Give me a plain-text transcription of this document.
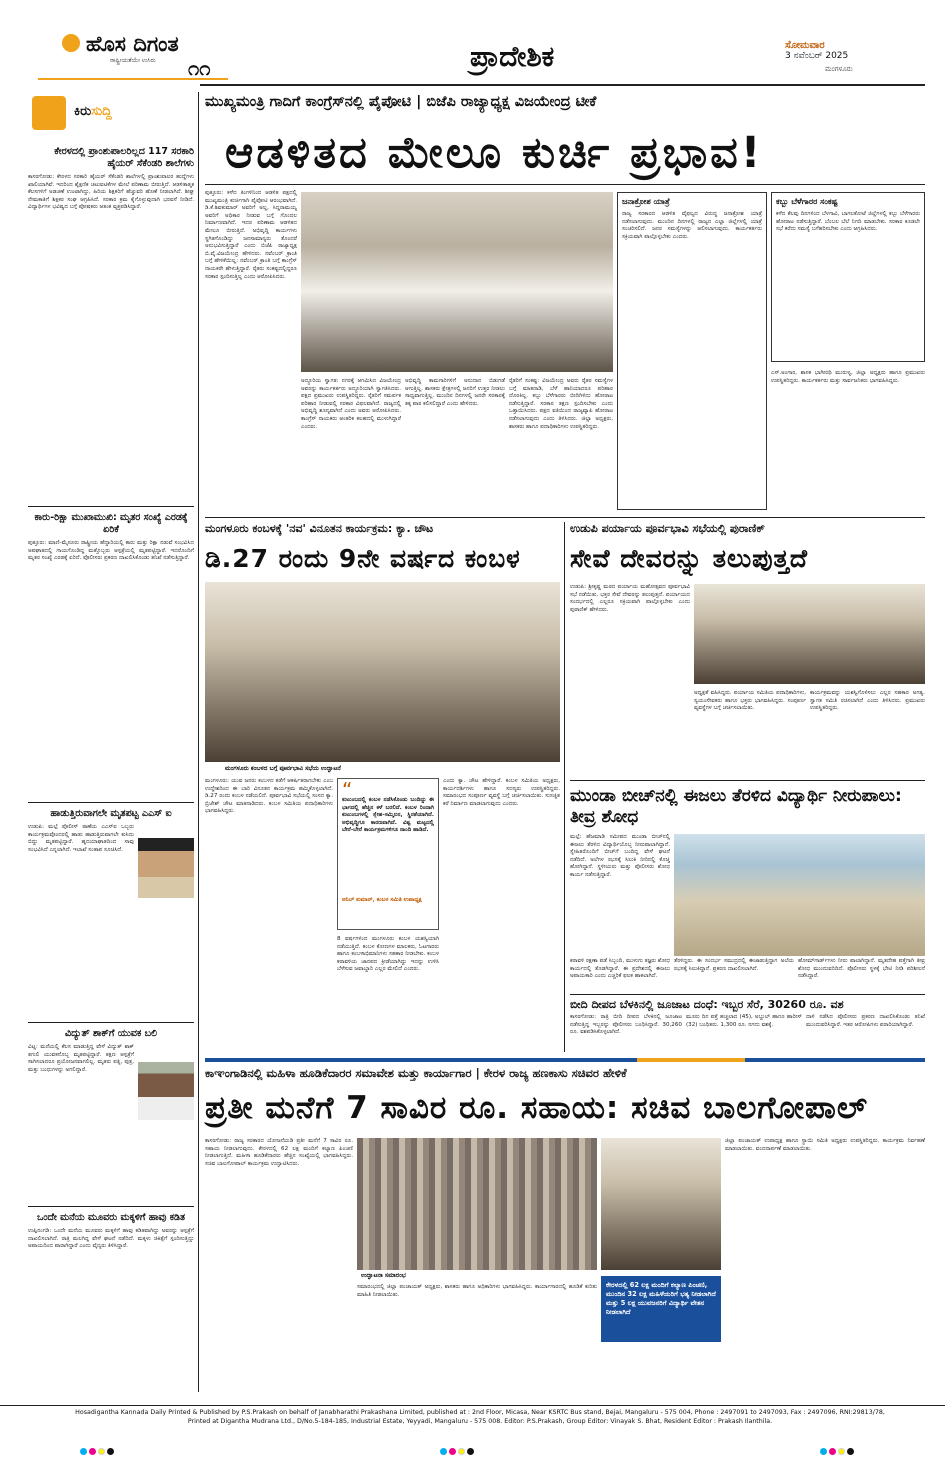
ಹೊಸ ದಿಗಂತ
ರಾಷ್ಟ್ರೀಯತೆಯೇ ಉಸಿರು ೧೧	ಪ್ರಾದೇಶಿಕ	ಸೋಮವಾರ
3 ನವೆಂಬರ್ 2025
ಮಂಗಳೂರು
ಕಿರುಸುದ್ದಿ
ಕೇರಳದಲ್ಲಿ ಪ್ರಾಂಶುಪಾಲರಿಲ್ಲದ 117 ಸರಕಾರಿ ಹೈಯರ್ ಸೆಕೆಂಡರಿ ಶಾಲೆಗಳು
ಕಾಸರಗೋಡು: ಕೇರಳದ ಸರಕಾರಿ ಹೈಯರ್ ಸೆಕೆಂಡರಿ ಶಾಲೆಗಳಲ್ಲಿ ಪ್ರಾಂಶುಪಾಲರ ಹುದ್ದೆಗಳು ಖಾಲಿಯಾಗಿವೆ. ಇದರಿಂದ ಶೈಕ್ಷಣಿಕ ಚಟುವಟಿಕೆಗಳ ಮೇಲೆ ಪರಿಣಾಮ ಬೀರುತ್ತಿದೆ. ಆಡಳಿತಾತ್ಮಕ ಕೆಲಸಗಳಿಗೆ ಅಡಚಣೆ ಉಂಟಾಗಿದ್ದು, ಹಿರಿಯ ಶಿಕ್ಷಕರಿಗೆ ಹೆಚ್ಚುವರಿ ಹೊಣೆ ನೀಡಲಾಗಿದೆ. ಶೀಘ್ರ ನೇಮಕಾತಿಗೆ ಶಿಕ್ಷಕರ ಸಂಘ ಆಗ್ರಹಿಸಿದೆ. ಸರಕಾರ ಕ್ರಮ ಕೈಗೊಳ್ಳುವುದಾಗಿ ಭರವಸೆ ನೀಡಿದೆ. ವಿದ್ಯಾರ್ಥಿಗಳ ಭವಿಷ್ಯದ ಬಗ್ಗೆ ಪೋಷಕರು ಆತಂಕ ವ್ಯಕ್ತಪಡಿಸಿದ್ದಾರೆ.
ಕಾರು-ರಿಕ್ಷಾ ಮುಖಾಮುಖಿ: ಮೃತರ ಸಂಖ್ಯೆ ಎರಡಕ್ಕೆ ಏರಿಕೆ
ಪುತ್ತೂರು: ಮಾಣಿ-ಮೈಸೂರು ರಾಷ್ಟ್ರೀಯ ಹೆದ್ದಾರಿಯಲ್ಲಿ ಕಾರು ಮತ್ತು ರಿಕ್ಷಾ ನಡುವೆ ಸಂಭವಿಸಿದ ಅಪಘಾತದಲ್ಲಿ ಗಾಯಗೊಂಡಿದ್ದ ಮತ್ತೊಬ್ಬರು ಆಸ್ಪತ್ರೆಯಲ್ಲಿ ಮೃತಪಟ್ಟಿದ್ದಾರೆ. ಇದರೊಂದಿಗೆ ಮೃತರ ಸಂಖ್ಯೆ ಎರಡಕ್ಕೆ ಏರಿದೆ. ಪೊಲೀಸರು ಪ್ರಕರಣ ದಾಖಲಿಸಿಕೊಂಡು ತನಿಖೆ ನಡೆಸುತ್ತಿದ್ದಾರೆ.
ಹಾಡುತ್ತಿರುವಾಗಲೇ ಮೃತಪಟ್ಟ ಎಎಸ್ ಐ
ಉಡುಪಿ: ಮಲ್ಪೆ ಪೊಲೀಸ್ ಠಾಣೆಯ ಎಎಸ್ಐ ಒಬ್ಬರು ಕಾರ್ಯಕ್ರಮವೊಂದರಲ್ಲಿ ಹಾಡು ಹಾಡುತ್ತಿರುವಾಗಲೇ ಕುಸಿದು ಬಿದ್ದು ಮೃತಪಟ್ಟಿದ್ದಾರೆ. ಹೃದಯಾಘಾತದಿಂದ ಸಾವು ಸಂಭವಿಸಿದೆ ಎನ್ನಲಾಗಿದೆ. ಇಲಾಖೆ ಸಂತಾಪ ಸೂಚಿಸಿದೆ.
ವಿದ್ಯುತ್ ಶಾಕ್‌ಗೆ ಯುವಕ ಬಲಿ
ವಿಟ್ಲ: ಮನೆಯಲ್ಲಿ ಕೆಲಸ ಮಾಡುತ್ತಿದ್ದ ವೇಳೆ ವಿದ್ಯುತ್ ಶಾಕ್ ತಗುಲಿ ಯುವಕನೊಬ್ಬ ಮೃತಪಟ್ಟಿದ್ದಾರೆ. ತಕ್ಷಣ ಆಸ್ಪತ್ರೆಗೆ ಸಾಗಿಸಲಾದರೂ ಪ್ರಯೋಜನವಾಗಲಿಲ್ಲ. ಮೃತರು ಪತ್ನಿ, ಪುತ್ರ, ಮತ್ತು ಬಂಧುಗಳನ್ನು ಅಗಲಿದ್ದಾರೆ.
ಒಂದೇ ಮನೆಯ ಮೂವರು ಮಕ್ಕಳಿಗೆ ಹಾವು ಕಡಿತ
ಉಪ್ಪಿನಂಗಡಿ: ಒಂದೇ ಮನೆಯ ಮೂವರು ಮಕ್ಕಳಿಗೆ ಹಾವು ಕಡಿತವಾಗಿದ್ದು ಅವರನ್ನು ಆಸ್ಪತ್ರೆಗೆ ದಾಖಲಿಸಲಾಗಿದೆ. ರಾತ್ರಿ ಮಲಗಿದ್ದ ವೇಳೆ ಘಟನೆ ನಡೆದಿದೆ. ಮಕ್ಕಳು ಚಿಕಿತ್ಸೆಗೆ ಸ್ಪಂದಿಸುತ್ತಿದ್ದು ಅಪಾಯದಿಂದ ಪಾರಾಗಿದ್ದಾರೆ ಎಂದು ವೈದ್ಯರು ತಿಳಿಸಿದ್ದಾರೆ.
ಮುಖ್ಯಮಂತ್ರಿ ಗಾದಿಗೆ ಕಾಂಗ್ರೆಸ್‌ನಲ್ಲಿ ಪೈಪೋಟಿ | ಬಿಜೆಪಿ ರಾಜ್ಯಾಧ್ಯಕ್ಷ ವಿಜಯೇಂದ್ರ ಟೀಕೆ
ಆಡಳಿತದ ಮೇಲೂ ಕುರ್ಚಿ ಪ್ರಭಾವ!
ಪುತ್ತೂರು: ಕಳೆದ ತಿಂಗಳಿನಿಂದ ಆಡಳಿತ ಪಕ್ಷದಲ್ಲಿ ಮುಖ್ಯಮಂತ್ರಿ ಕುರ್ಚಿಗಾಗಿ ಪೈಪೋಟಿ ಆರಂಭವಾಗಿದೆ. ಡಿ.ಕೆ.ಶಿವಕುಮಾರ್ ಅವರಿಗೆ ಅಲ್ಲ, ಸಿದ್ದರಾಮಯ್ಯ ಅವರಿಗೆ ಅಧಿಕಾರ ನೀಡುವ ಬಗ್ಗೆ ಗೊಂದಲ ನಿರ್ಮಾಣವಾಗಿದೆ. ಇದರ ಪರಿಣಾಮ ಆಡಳಿತದ ಮೇಲೂ ಬೀರುತ್ತಿದೆ. ಅಭಿವೃದ್ಧಿ ಕಾರ್ಯಗಳು ಸ್ಥಗಿತಗೊಂಡಿದ್ದು ಜನಸಾಮಾನ್ಯರು ತೊಂದರೆ ಅನುಭವಿಸುತ್ತಿದ್ದಾರೆ ಎಂದು ಬಿಜೆಪಿ ರಾಜ್ಯಾಧ್ಯಕ್ಷ ಬಿ.ವೈ.ವಿಜಯೇಂದ್ರ ಹೇಳಿದರು. ನವೆಂಬರ್ ಕ್ರಾಂತಿ ಬಗ್ಗೆ ಹೇಳಿಕೆಯಿಲ್ಲ: ನವೆಂಬರ್ ಕ್ರಾಂತಿ ಬಗ್ಗೆ ಕಾಂಗ್ರೆಸ್ ನಾಯಕರೇ ಹೇಳುತ್ತಿದ್ದಾರೆ. ರೈತರು ಸಂಕಷ್ಟದಲ್ಲಿದ್ದರೂ ಸರಕಾರ ಸ್ಪಂದಿಸುತ್ತಿಲ್ಲ ಎಂದು ಆರೋಪಿಸಿದರು.
ಅದ್ಧೂರಿಯ ಸ್ವಾಗತ: ನಗರಕ್ಕೆ ಆಗಮಿಸಿದ ವಿಜಯೇಂದ್ರ ಅವರನ್ನು ಕಾರ್ಯಕರ್ತರು ಅದ್ಧೂರಿಯಾಗಿ ಸ್ವಾಗತಿಸಿದರು. ಪಕ್ಷದ ಪ್ರಮುಖರು ಉಪಸ್ಥಿತರಿದ್ದರು. ರೈತರಿಗೆ ಸಮರ್ಪಕ ಪರಿಹಾರ ನೀಡುವಲ್ಲಿ ಸರಕಾರ ವಿಫಲವಾಗಿದೆ. ರಾಜ್ಯದಲ್ಲಿ ಅಭಿವೃದ್ಧಿ ಶೂನ್ಯವಾಗಿದೆ ಎಂದು ಅವರು ಆರೋಪಿಸಿದರು. ಕಾಂಗ್ರೆಸ್ ನಾಯಕರು ಆಂತರಿಕ ಕಲಹದಲ್ಲಿ ಮುಳುಗಿದ್ದಾರೆ ಎಂದರು.
ಅಭಿವೃದ್ಧಿ ಕಾಮಗಾರಿಗಳಿಗೆ ಅನುದಾನ ಬಿಡುಗಡೆ ಆಗುತ್ತಿಲ್ಲ. ಶಾಸಕರು ಕ್ಷೇತ್ರಗಳಲ್ಲಿ ಜನರಿಗೆ ಉತ್ತರ ನೀಡಲು ಸಾಧ್ಯವಾಗುತ್ತಿಲ್ಲ. ಮುಂದಿನ ದಿನಗಳಲ್ಲಿ ಜನರೇ ಸರಕಾರಕ್ಕೆ ತಕ್ಕ ಪಾಠ ಕಲಿಸಲಿದ್ದಾರೆ ಎಂದು ಹೇಳಿದರು.
ರೈತರಿಗೆ ಸಂಕಷ್ಟ: ವಿಜಯೇಂದ್ರ ಅವರು ರೈತರ ಸಮಸ್ಯೆಗಳ ಬಗ್ಗೆ ಮಾತನಾಡಿ, ಬೆಳೆ ಹಾನಿಯಾದರೂ ಪರಿಹಾರ ದೊರಕಿಲ್ಲ. ಕಬ್ಬು ಬೆಳೆಗಾರರು ಬೀದಿಗಿಳಿದು ಹೋರಾಟ ನಡೆಸುತ್ತಿದ್ದಾರೆ. ಸರಕಾರ ತಕ್ಷಣ ಸ್ಪಂದಿಸಬೇಕು ಎಂದು ಒತ್ತಾಯಿಸಿದರು. ಪಕ್ಷದ ವತಿಯಿಂದ ರಾಜ್ಯವ್ಯಾಪಿ ಹೋರಾಟ ನಡೆಸಲಾಗುವುದು ಎಂದು ತಿಳಿಸಿದರು. ಜಿಲ್ಲಾ ಅಧ್ಯಕ್ಷರು, ಶಾಸಕರು ಹಾಗೂ ಪದಾಧಿಕಾರಿಗಳು ಉಪಸ್ಥಿತರಿದ್ದರು.
ಜನಾಕ್ರೋಶ ಯಾತ್ರೆ
ರಾಜ್ಯ ಸರಕಾರದ ಆಡಳಿತ ವೈಫಲ್ಯದ ವಿರುದ್ಧ ಜನಾಕ್ರೋಶ ಯಾತ್ರೆ ನಡೆಸಲಾಗುವುದು. ಮುಂದಿನ ದಿನಗಳಲ್ಲಿ ರಾಜ್ಯದ ಎಲ್ಲಾ ಜಿಲ್ಲೆಗಳಲ್ಲಿ ಯಾತ್ರೆ ಸಂಚರಿಸಲಿದೆ. ಜನರ ಸಮಸ್ಯೆಗಳನ್ನು ಆಲಿಸಲಾಗುವುದು. ಕಾರ್ಯಕರ್ತರು ಸಕ್ರಿಯವಾಗಿ ಪಾಲ್ಗೊಳ್ಳಬೇಕು ಎಂದರು.
ಕಬ್ಬು ಬೆಳೆಗಾರರ ಸಂಕಷ್ಟ
ಕಳೆದ ಕೆಲವು ದಿನಗಳಿಂದ ಬೆಳಗಾವಿ, ಬಾಗಲಕೋಟೆ ಜಿಲ್ಲೆಗಳಲ್ಲಿ ಕಬ್ಬು ಬೆಳೆಗಾರರು ಹೋರಾಟ ನಡೆಸುತ್ತಿದ್ದಾರೆ. ಬೆಂಬಲ ಬೆಲೆ ನಿಗದಿ ಮಾಡಬೇಕು. ಸರಕಾರ ಕೂಡಲೇ ಸಭೆ ಕರೆದು ಸಮಸ್ಯೆ ಬಗೆಹರಿಸಬೇಕು ಎಂದು ಆಗ್ರಹಿಸಿದರು.
ಎಸ್.ಅಂಗಾರ, ಶಾಸಕ ಭಾಗೀರಥಿ ಮುರುಳ್ಯ, ಜಿಲ್ಲಾ ಅಧ್ಯಕ್ಷರು ಹಾಗೂ ಪ್ರಮುಖರು ಉಪಸ್ಥಿತರಿದ್ದರು. ಕಾರ್ಯಕರ್ತರು ಮತ್ತು ಸಾರ್ವಜನಿಕರು ಭಾಗವಹಿಸಿದ್ದರು.
ಮಂಗಳೂರು ಕಂಬಳಕ್ಕೆ 'ನವ' ವಿನೂತನ ಕಾರ್ಯಕ್ರಮ: ಕ್ಯಾ. ಚೌಟ
ಡಿ.27 ರಂದು 9ನೇ ವರ್ಷದ ಕಂಬಳ
ಮಂಗಳೂರು ಕಂಬಳದ ಬಗ್ಗೆ ಪೂರ್ವಭಾವಿ ಸಭೆಯ ಉದ್ಘಾಟನೆ
ಮಂಗಳೂರು: ಯುವ ಜನರು ಕಂಬಳದ ಕಡೆಗೆ ಆಕರ್ಷಿತರಾಗಬೇಕು ಎಂಬ ಉದ್ದೇಶದಿಂದ ಈ ಬಾರಿ ವಿನೂತನ ಕಾರ್ಯಕ್ರಮ ಹಮ್ಮಿಕೊಳ್ಳಲಾಗಿದೆ. ಡಿ.27 ರಂದು ಕಂಬಳ ನಡೆಯಲಿದೆ. ಪೂರ್ವಭಾವಿ ಸಭೆಯಲ್ಲಿ ಸಂಸದ ಕ್ಯಾ. ಬ್ರಿಜೇಶ್ ಚೌಟ ಮಾತನಾಡಿದರು. ಕಂಬಳ ಸಮಿತಿಯ ಪದಾಧಿಕಾರಿಗಳು ಭಾಗವಹಿಸಿದ್ದರು.
“
ಕುಟುಂಬದಲ್ಲಿ ಕಂಬಳ ನಡೆಸಿಕೊಂಡು ಬಂದಿದ್ದು ಈ ಭಾಗದಲ್ಲಿ ಹೆಚ್ಚಿನ ಕಳೆ ಬರಲಿದೆ. ಕಂಬಳ ರಿಂದಾಗಿ ಕುಟುಂಬಗಳಲ್ಲಿ ಸ್ನೇಹ-ಸಮ್ಮಿಲನ, ಸ್ಥಿರತೆಯಾಗಿದೆ. ಅಭಿವೃದ್ಧಿಗೂ ಕಾರಣವಾಗಿದೆ. ವಿಶ್ವ ಮಟ್ಟದಲ್ಲಿ ಬೇರೆ-ಬೇರೆ ಕಾರ್ಯಕ್ರಮಗಳಿಗೂ ನಾಂದಿ ಹಾಡಿದೆ.
ಅನಿಲ್ ಕುಮಾರ್, ಕಂಬಳ ಸಮಿತಿ ಉಪಾಧ್ಯಕ್ಷ
8 ವರ್ಷಗಳಿಂದ ಮಂಗಳೂರು ಕಂಬಳ ಯಶಸ್ವಿಯಾಗಿ ನಡೆಯುತ್ತಿದೆ. ಕಂಬಳ ಕೋಣಗಳ ಮಾಲಕರು, ಓಟಗಾರರು ಹಾಗೂ ಕಂಬಳಾಭಿಮಾನಿಗಳು ಸಹಕಾರ ನೀಡಬೇಕು. ಕಂಬಳ ಕರಾವಳಿಯ ಜಾನಪದ ಕ್ರೀಡೆಯಾಗಿದ್ದು ಇದನ್ನು ಉಳಿಸಿ ಬೆಳೆಸುವ ಜವಾಬ್ದಾರಿ ಎಲ್ಲರ ಮೇಲಿದೆ ಎಂದರು.
ಎಂದು ಕ್ಯಾ. ಚೌಟ ಹೇಳಿದ್ದಾರೆ. ಕಂಬಳ ಸಮಿತಿಯ ಅಧ್ಯಕ್ಷರು, ಕಾರ್ಯದರ್ಶಿಗಳು ಹಾಗೂ ಸದಸ್ಯರು ಉಪಸ್ಥಿತರಿದ್ದರು. ಸಮಾರಂಭದ ಸಂಪೂರ್ಣ ವ್ಯವಸ್ಥೆ ಬಗ್ಗೆ ಚರ್ಚಿಸಲಾಯಿತು. ಸುಸಜ್ಜಿತ ಕರೆ ನಿರ್ಮಾಣ ಮಾಡಲಾಗುವುದು ಎಂದರು.
ಉಡುಪಿ ಪರ್ಯಾಯ ಪೂರ್ವಭಾವಿ ಸಭೆಯಲ್ಲಿ ಪುರಾಣಿಕ್
ಸೇವೆ ದೇವರನ್ನು ತಲುಪುತ್ತದೆ
ಉಡುಪಿ: ಶ್ರೀಕೃಷ್ಣ ಮಠದ ಪರ್ಯಾಯ ಮಹೋತ್ಸವದ ಪೂರ್ವಭಾವಿ ಸಭೆ ನಡೆಯಿತು. ಭಕ್ತರ ಸೇವೆ ದೇವರನ್ನು ತಲುಪುತ್ತದೆ. ಪರ್ಯಾಯದ ಸಂದರ್ಭದಲ್ಲಿ ಎಲ್ಲರೂ ಸಕ್ರಿಯವಾಗಿ ಪಾಲ್ಗೊಳ್ಳಬೇಕು ಎಂದು ಪುರಾಣಿಕ್ ಹೇಳಿದರು.
ಅಧ್ಯಕ್ಷತೆ ವಹಿಸಿದ್ದರು. ಪರ್ಯಾಯ ಸಮಿತಿಯ ಪದಾಧಿಕಾರಿಗಳು, ಸ್ವಯಂಸೇವಕರು ಹಾಗೂ ಭಕ್ತರು ಭಾಗವಹಿಸಿದ್ದರು. ಸಂಪೂರ್ಣ ವ್ಯವಸ್ಥೆಗಳ ಬಗ್ಗೆ ಚರ್ಚಿಸಲಾಯಿತು.
ಕಾರ್ಯಕ್ರಮವನ್ನು ಯಶಸ್ವಿಗೊಳಿಸಲು ಎಲ್ಲರ ಸಹಕಾರ ಅಗತ್ಯ. ಸ್ವಾಗತ ಸಮಿತಿ ರಚಿಸಲಾಗಿದೆ ಎಂದು ತಿಳಿಸಿದರು. ಪ್ರಮುಖರು ಉಪಸ್ಥಿತರಿದ್ದರು.
ಮುಂಡಾ ಬೀಚ್‌ನಲ್ಲಿ ಈಜಲು ತೆರಳಿದ ವಿದ್ಯಾರ್ಥಿ ನೀರುಪಾಲು: ತೀವ್ರ ಶೋಧ
ಮಲ್ಪೆ: ಹೆಜಮಾಡಿ ಸಮೀಪದ ಮುಂಡಾ ಬೀಚ್‌ನಲ್ಲಿ ಈಜಲು ತೆರಳಿದ ವಿದ್ಯಾರ್ಥಿಯೊಬ್ಬ ನೀರುಪಾಲಾಗಿದ್ದಾನೆ. ಸ್ನೇಹಿತರೊಂದಿಗೆ ಬೀಚ್‌ಗೆ ಬಂದಿದ್ದ ವೇಳೆ ಘಟನೆ ನಡೆದಿದೆ. ಅಲೆಗಳ ರಭಸಕ್ಕೆ ಸಿಲುಕಿ ನೀರಿನಲ್ಲಿ ಕೊಚ್ಚಿ ಹೋಗಿದ್ದಾನೆ. ಸ್ಥಳೀಯರು ಮತ್ತು ಪೊಲೀಸರು ಶೋಧ ಕಾರ್ಯ ನಡೆಸುತ್ತಿದ್ದಾರೆ.
ಕರಾವಳಿ ರಕ್ಷಣಾ ಪಡೆ ಸಿಬ್ಬಂದಿ, ಮುಳುಗು ತಜ್ಞರು ಶೋಧ ಕಾರ್ಯದಲ್ಲಿ ತೊಡಗಿದ್ದಾರೆ. ಈ ಪ್ರದೇಶದಲ್ಲಿ ಈಜಲು ಅಪಾಯಕಾರಿ ಎಂದು ಎಚ್ಚರಿಕೆ ಫಲಕ ಹಾಕಲಾಗಿದೆ.
ತೆರಳಿದ್ದರು. ಈ ಸಂದರ್ಭ ಸಮುದ್ರದಲ್ಲಿ ಈಜಾಡುತ್ತಿದ್ದಾಗ ಅಲೆಯ ರಭಸಕ್ಕೆ ಸಿಲುಕಿದ್ದಾನೆ. ಪ್ರಕರಣ ದಾಖಲಿಸಲಾಗಿದೆ.
ಹೋಮ್‌ಗಾರ್ಡ್‌ಗಳು ನೀರು ಪಾಲಾಗಿದ್ದಾನೆ. ಮೃತದೇಹ ಪತ್ತೆಗಾಗಿ ತೀವ್ರ ಶೋಧ ಮುಂದುವರಿದಿದೆ. ಪೊಲೀಸರು ಸ್ಥಳಕ್ಕೆ ಭೇಟಿ ನೀಡಿ ಪರಿಶೀಲನೆ ನಡೆಸಿದ್ದಾರೆ.
ಬೀದಿ ದೀಪದ ಬೆಳಕಿನಲ್ಲಿ ಜೂಜಾಟ ದಂಧೆ: ಇಬ್ಬರ ಸೆರೆ, 30260 ರೂ. ವಶ
ಕಾಸರಗೋಡು: ರಾತ್ರಿ ಬೀದಿ ದೀಪದ ಬೆಳಕಿನಲ್ಲಿ ಜೂಜಾಟ ನಡೆಸುತ್ತಿದ್ದ ಇಬ್ಬರನ್ನು ಪೊಲೀಸರು ಬಂಧಿಸಿದ್ದಾರೆ. 30,260 ರೂ. ವಶಪಡಿಸಿಕೊಳ್ಳಲಾಗಿದೆ.
ಮೂರು ದಿನ ಪತ್ತೆ ಹಚ್ಚಲಾದ (45), ಅಬ್ದುಲ್ ಹಾಗೂ ಹಾರೀಸ್ (32) ಬಂಧಿತರು. 1,300 ರೂ. ನಗದು ವಶಕ್ಕೆ.
ದಾಳಿ ನಡೆಸಿದ ಪೊಲೀಸರು ಪ್ರಕರಣ ದಾಖಲಿಸಿಕೊಂಡು ತನಿಖೆ ಮುಂದುವರಿಸಿದ್ದಾರೆ. ಇತರ ಆರೋಪಿಗಳು ಪರಾರಿಯಾಗಿದ್ದಾರೆ.
ಕಾಞಂಗಾಡಿನಲ್ಲಿ ಮಹಿಳಾ ಹೂಡಿಕೆದಾರರ ಸಮಾವೇಶ ಮತ್ತು ಕಾರ್ಯಾಗಾರ | ಕೇರಳ ರಾಜ್ಯ ಹಣಕಾಸು ಸಚಿವರ ಹೇಳಿಕೆ
ಪ್ರತೀ ಮನೆಗೆ 7 ಸಾವಿರ ರೂ. ಸಹಾಯ: ಸಚಿವ ಬಾಲಗೋಪಾಲ್
ಕಾಸರಗೋಡು: ರಾಜ್ಯ ಸರಕಾರದ ಯೋಜನೆಯಡಿ ಪ್ರತೀ ಮನೆಗೆ 7 ಸಾವಿರ ರೂ. ಸಹಾಯ ನೀಡಲಾಗುವುದು. ಕೇರಳದಲ್ಲಿ 62 ಲಕ್ಷ ಮಂದಿಗೆ ಕಲ್ಯಾಣ ಪಿಂಚಣಿ ನೀಡಲಾಗುತ್ತಿದೆ. ಮಹಿಳಾ ಹೂಡಿಕೆದಾರರು ಹೆಚ್ಚಿನ ಸಂಖ್ಯೆಯಲ್ಲಿ ಭಾಗವಹಿಸಿದ್ದರು. ಸಚಿವ ಬಾಲಗೋಪಾಲ್ ಕಾರ್ಯಕ್ರಮ ಉದ್ಘಾಟಿಸಿದರು.
ಉದ್ಘಾಟನಾ ಸಮಾರಂಭ
ಸಮಾರಂಭದಲ್ಲಿ ಜಿಲ್ಲಾ ಪಂಚಾಯತ್ ಅಧ್ಯಕ್ಷರು, ಶಾಸಕರು ಹಾಗೂ ಅಧಿಕಾರಿಗಳು ಭಾಗವಹಿಸಿದ್ದರು. ಕಾರ್ಯಾಗಾರದಲ್ಲಿ ಹೂಡಿಕೆ ಕುರಿತು ಮಾಹಿತಿ ನೀಡಲಾಯಿತು.
ಕೇರಳದಲ್ಲಿ 62 ಲಕ್ಷ ಮಂದಿಗೆ ಕಲ್ಯಾಣ ಪಿಂಚಣಿ, ಮುಂದಿನ 32 ಲಕ್ಷ ಮಹಿಳೆಯರಿಗೆ ಭತ್ಯ ನೀಡಲಾಗಿದೆ ಮತ್ತು 5 ಲಕ್ಷ ಯುವಜನರಿಗೆ ವಿದ್ಯಾರ್ಥಿ ವೇತನ ನೀಡಲಾಗಿದೆ
ಜಿಲ್ಲಾ ಪಂಚಾಯತ್ ಉಪಾಧ್ಯಕ್ಷ ಹಾಗೂ ಸ್ಥಾಯಿ ಸಮಿತಿ ಅಧ್ಯಕ್ಷರು ಉಪಸ್ಥಿತರಿದ್ದರು. ಕಾರ್ಯಕ್ರಮ ನಿರ್ವಹಣೆ ಮಾಡಲಾಯಿತು. ವಂದನಾರ್ಪಣೆ ಮಾಡಲಾಯಿತು.
Hosadigantha Kannada Daily Printed & Published by P.S.Prakash on behalf of Janabharathi Prakashana Limited, published at : 2nd Floor, Micasa, Near KSRTC Bus stand, Bejai, Mangaluru - 575 004, Phone : 2497091 to 2497093, Fax : 2497096, RNI:29813/78,
Printed at Digantha Mudrana Ltd., D/No.5-184-185, Industrial Estate, Yeyyadi, Mangaluru - 575 008. Editor: P.S.Prakash, Group Editor: Vinayak S. Bhat, Resident Editor : Prakash Ilanthila.
